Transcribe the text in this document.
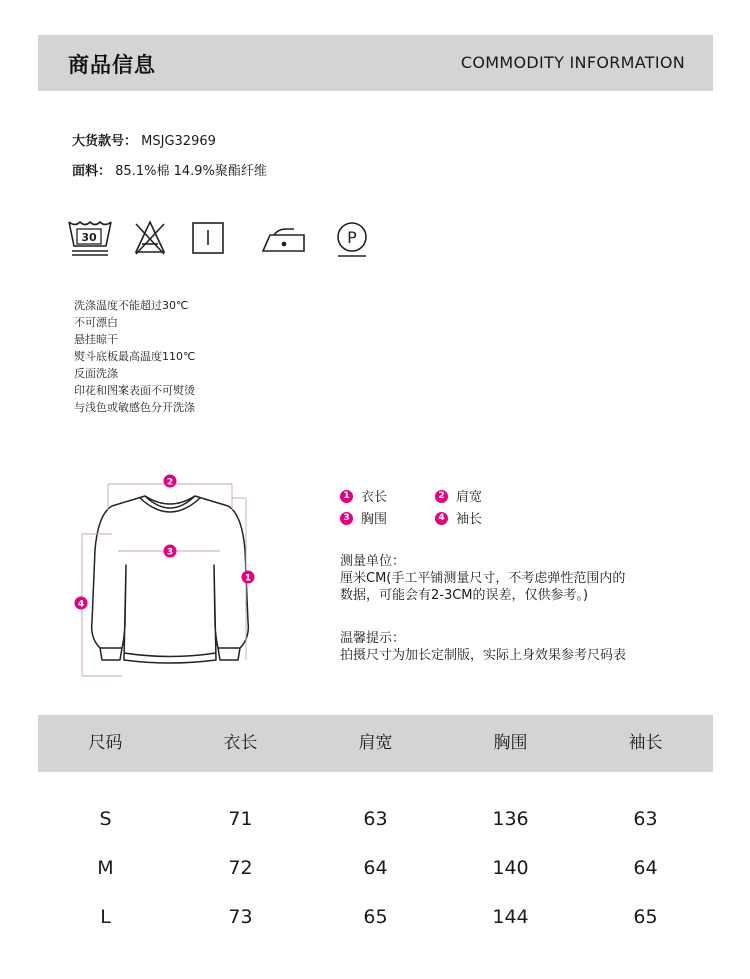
商品信息	COMMODITY INFORMATION
大货款号： MSJG32969
面料： 85.1%棉 14.9%聚酯纤维
30	P
洗涤温度不能超过30℃
不可漂白
悬挂晾干
熨斗底板最高温度110℃
反面洗涤
印花和图案表面不可熨烫
与浅色或敏感色分开洗涤
2
1
3
4
1 衣长	2 肩宽
3 胸围	4 袖长
测量单位：
厘米CM(手工平铺测量尺寸，不考虑弹性范围内的
数据，可能会有2-3CM的误差，仅供参考。)
温馨提示：
拍摄尺寸为加长定制版，实际上身效果参考尺码表
尺码	衣长	肩宽	胸围	袖长
S	71	63	136	63
M	72	64	140	64
L	73	65	144	65
